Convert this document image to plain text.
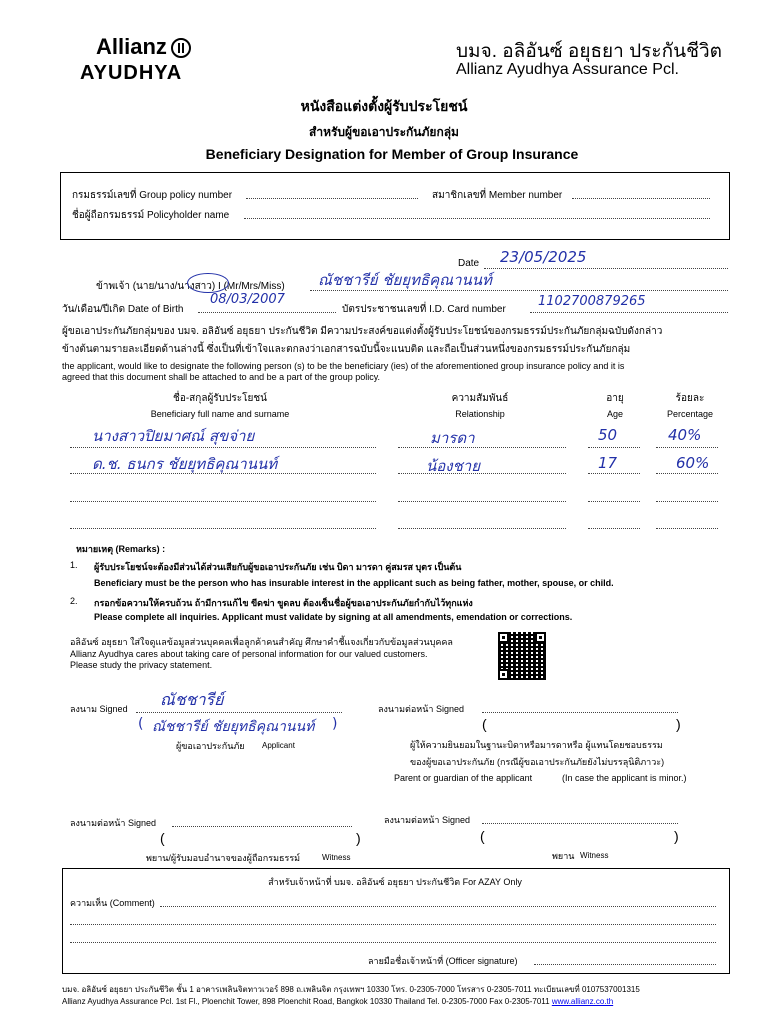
Allianz
AYUDHYA
บมจ. อลิอันซ์ อยุธยา ประกันชีวิต
Allianz Ayudhya Assurance Pcl.
หนังสือแต่งตั้งผู้รับประโยชน์
สำหรับผู้ขอเอาประกันภัยกลุ่ม
Beneficiary Designation for Member of Group Insurance
กรมธรรม์เลขที่ Group policy number	สมาชิกเลขที่ Member number
ชื่อผู้ถือกรมธรรม์ Policyholder name
Date 23/05/2025
ข้าพเจ้า (นาย/นาง/นางสาว) I (Mr/Mrs/Miss) ณัชชารีย์ ชัยยุทธิคุณานนท์
วัน/เดือน/ปีเกิด Date of Birth
08/03/2007
บัตรประชาชนเลขที่ I.D. Card number
1102700879265
ผู้ขอเอาประกันภัยกลุ่มของ บมจ. อลิอันซ์ อยุธยา ประกันชีวิต มีความประสงค์ขอแต่งตั้งผู้รับประโยชน์ของกรมธรรม์ประกันภัยกลุ่มฉบับดังกล่าว
ข้างต้นตามรายละเอียดด้านล่างนี้ ซึ่งเป็นที่เข้าใจและตกลงว่าเอกสารฉบับนี้จะแนบติด และถือเป็นส่วนหนึ่งของกรมธรรม์ประกันภัยกลุ่ม
the applicant, would like to designate the following person (s) to be the beneficiary (ies) of the aforementioned group insurance policy and it is
agreed that this document shall be attached to and be a part of the group policy.
ชื่อ-สกุลผู้รับประโยชน์
Beneficiary full name and surname
ความสัมพันธ์
Relationship
อายุ
Age
ร้อยละ
Percentage
นางสาวปิยมาศณ์ สุขจ่าย	มารดา	50	40%
ด.ช. ธนกร ชัยยุทธิคุณานนท์	น้องชาย	17	60%
หมายเหตุ (Remarks) :
1. ผู้รับประโยชน์จะต้องมีส่วนได้ส่วนเสียกับผู้ขอเอาประกันภัย เช่น บิดา มารดา คู่สมรส บุตร เป็นต้น
Beneficiary must be the person who has insurable interest in the applicant such as being father, mother, spouse, or child.
2. กรอกข้อความให้ครบถ้วน ถ้ามีการแก้ไข ขีดฆ่า ขูดลบ ต้องเซ็นชื่อผู้ขอเอาประกันภัยกำกับไว้ทุกแห่ง
Please complete all inquiries. Applicant must validate by signing at all amendments, emendation or corrections.
อลิอันซ์ อยุธยา ใส่ใจดูแลข้อมูลส่วนบุคคลเพื่อลูกค้าคนสำคัญ ศึกษาคำชี้แจงเกี่ยวกับข้อมูลส่วนบุคคล
Allianz Ayudhya cares about taking care of personal information for our valued customers.
Please study the privacy statement.
ลงนาม Signed ณัชชารีย์
( ณัชชารีย์ ชัยยุทธิคุณานนท์ )
ผู้ขอเอาประกันภัย Applicant
ลงนามต่อหน้า Signed
(	)
ผู้ให้ความยินยอมในฐานะบิดาหรือมารดาหรือ ผู้แทนโดยชอบธรรม
ของผู้ขอเอาประกันภัย (กรณีผู้ขอเอาประกันภัยยังไม่บรรลุนิติภาวะ)
Parent or guardian of the applicant	(In case the applicant is minor.)
ลงนามต่อหน้า Signed
(	)
พยาน/ผู้รับมอบอำนาจของผู้ถือกรมธรรม์	Witness
ลงนามต่อหน้า Signed
(	)
พยาน Witness
สำหรับเจ้าหน้าที่ บมจ. อลิอันซ์ อยุธยา ประกันชีวิต For AZAY Only
ความเห็น (Comment)
ลายมือชื่อเจ้าหน้าที่ (Officer signature)
บมจ. อลิอันซ์ อยุธยา ประกันชีวิต ชั้น 1 อาคารเพลินจิตทาวเวอร์ 898 ถ.เพลินจิต กรุงเทพฯ 10330 โทร. 0-2305-7000 โทรสาร 0-2305-7011 ทะเบียนเลขที่ 0107537001315
Allianz Ayudhya Assurance Pcl. 1st Fl., Ploenchit Tower, 898 Ploenchit Road, Bangkok 10330 Thailand Tel. 0-2305-7000 Fax 0-2305-7011 www.allianz.co.th
